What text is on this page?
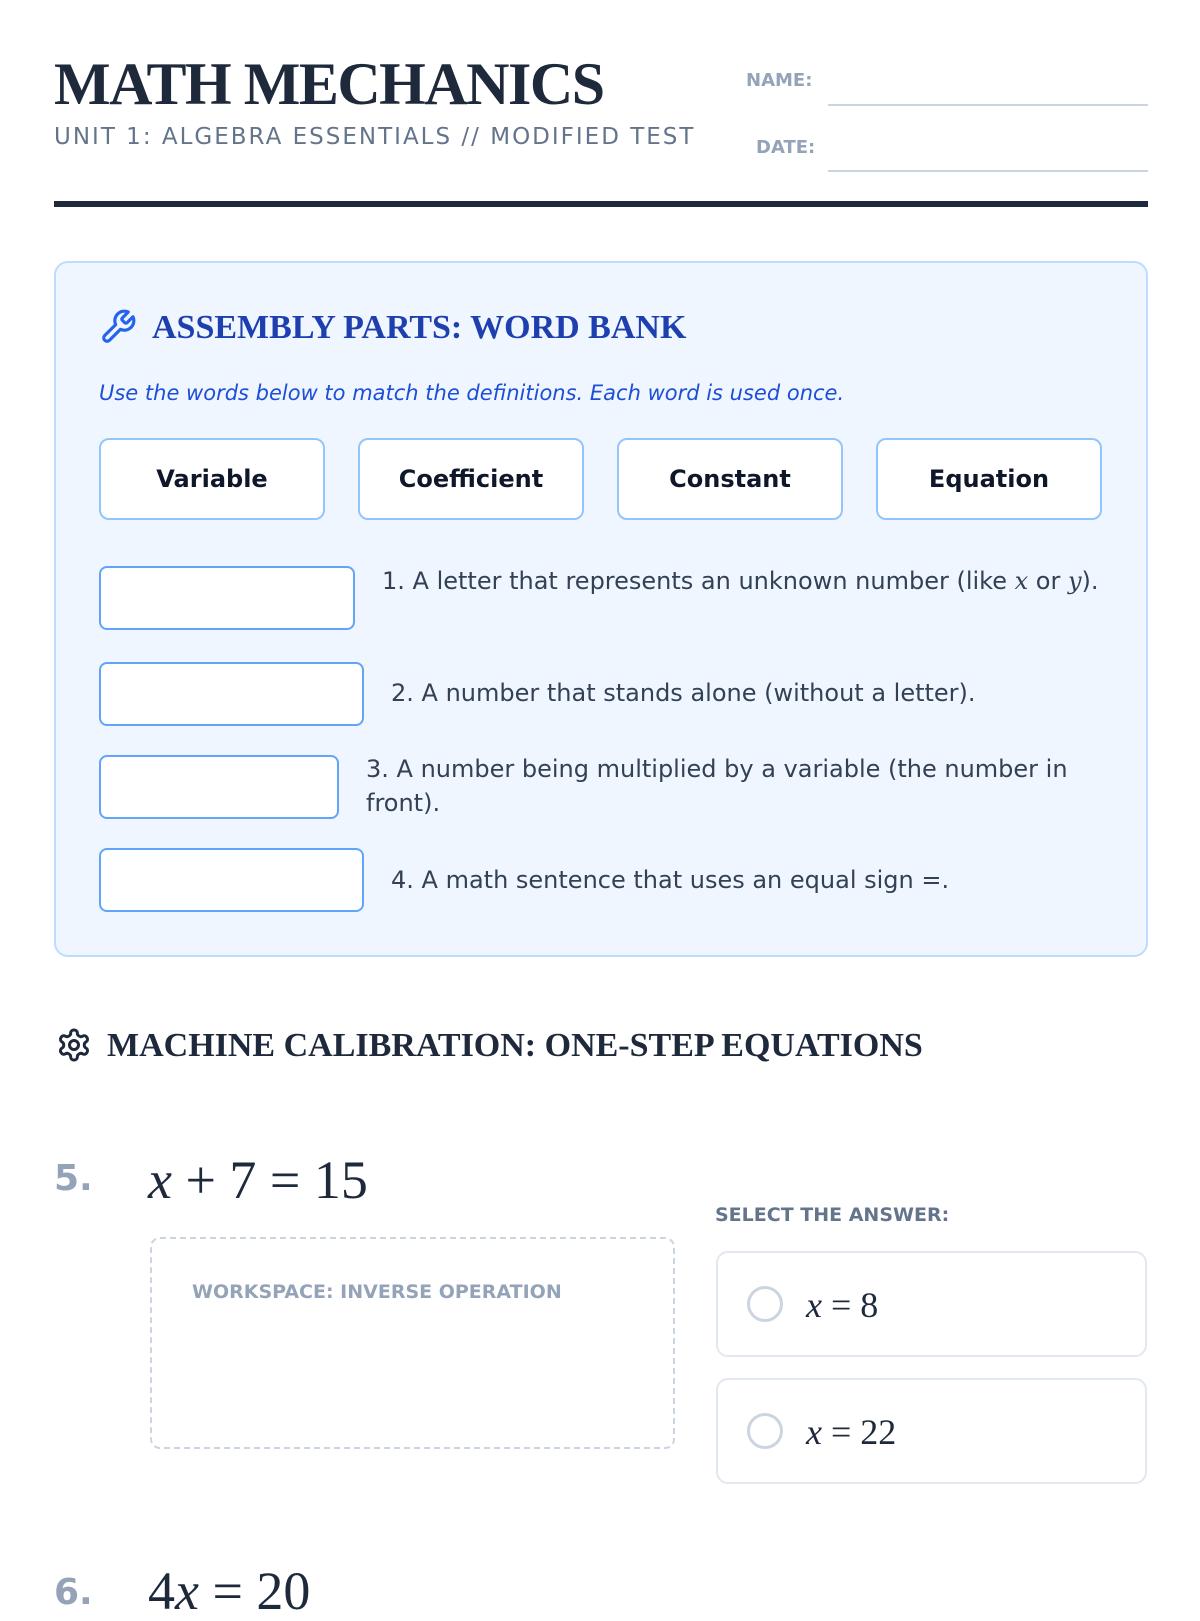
MATH MECHANICS
UNIT 1: ALGEBRA ESSENTIALS // MODIFIED TEST
NAME:
DATE:
ASSEMBLY PARTS: WORD BANK
Use the words below to match the definitions. Each word is used once.
Variable	Coefficient	Constant	Equation
1. A letter that represents an unknown number (like x or y).
2. A number that stands alone (without a letter).
3. A number being multiplied by a variable (the number in front).
4. A math sentence that uses an equal sign =.
MACHINE CALIBRATION: ONE-STEP EQUATIONS
5. x + 7 = 15
WORKSPACE: INVERSE OPERATION
SELECT THE ANSWER:
x = 8
x = 22
6. 4x = 20
